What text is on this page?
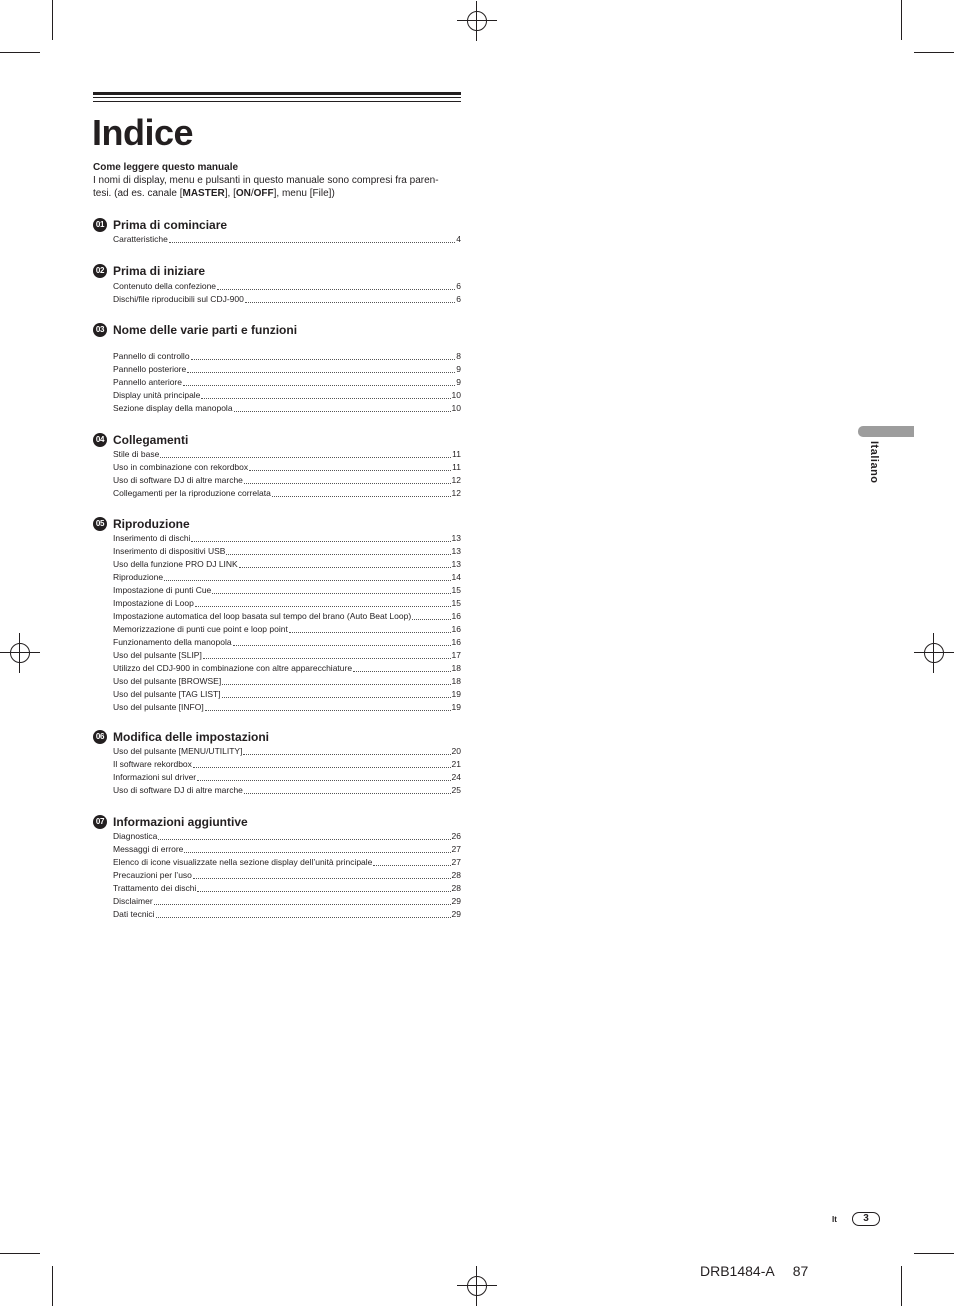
Indice
Come leggere questo manuale
I nomi di display, menu e pulsanti in questo manuale sono compresi fra paren-
tesi. (ad es. canale [MASTER], [ON/OFF], menu [File])
01 Prima di cominciare
Caratteristiche	4
02 Prima di iniziare
Contenuto della confezione	6
Dischi/file riproducibili sul CDJ-900	6
03 Nome delle varie parti e funzioni
Pannello di controllo	8
Pannello posteriore	9
Pannello anteriore	9
Display unità principale	10
Sezione display della manopola	10
04 Collegamenti
Stile di base	11
Uso in combinazione con rekordbox	11
Uso di software DJ di altre marche	12
Collegamenti per la riproduzione correlata	12
05 Riproduzione
Inserimento di dischi	13
Inserimento di dispositivi USB	13
Uso della funzione PRO DJ LINK	13
Riproduzione	14
Impostazione di punti Cue	15
Impostazione di Loop	15
Impostazione automatica del loop basata sul tempo del brano (Auto Beat Loop)	16
Memorizzazione di punti cue point e loop point	16
Funzionamento della manopola	16
Uso del pulsante [SLIP]	17
Utilizzo del CDJ-900 in combinazione con altre apparecchiature	18
Uso del pulsante [BROWSE]	18
Uso del pulsante [TAG LIST]	19
Uso del pulsante [INFO]	19
06 Modifica delle impostazioni
Uso del pulsante [MENU/UTILITY]	20
Il software rekordbox	21
Informazioni sul driver	24
Uso di software DJ di altre marche	25
07 Informazioni aggiuntive
Diagnostica	26
Messaggi di errore	27
Elenco di icone visualizzate nella sezione display dell’unità principale	27
Precauzioni per l’uso	28
Trattamento dei dischi	28
Disclaimer	29
Dati tecnici	29
Italiano
It	3
DRB1484-A 87
